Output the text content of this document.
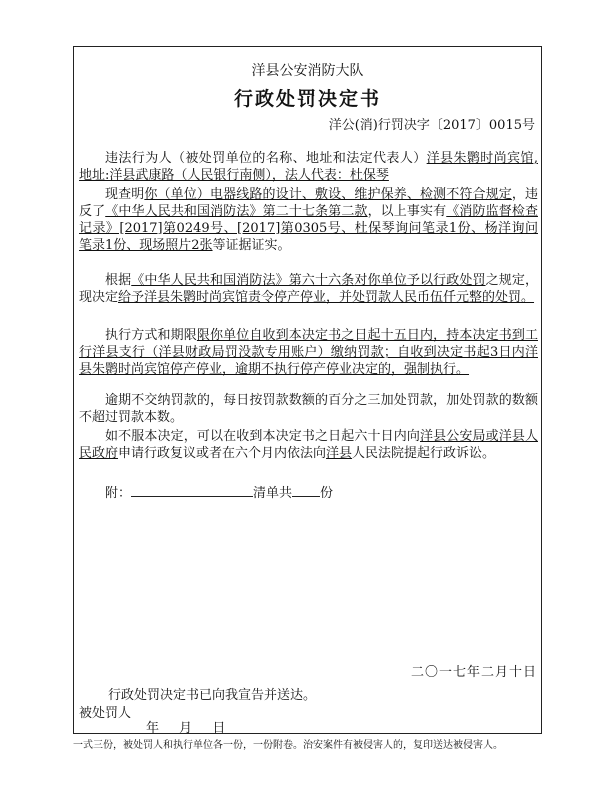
洋县公安消防大队
行政处罚决定书
洋公(消)行罚决字〔2017〕0015号
违法行为人（被处罚单位的名称、地址和法定代表人）洋县朱鹮时尚宾馆,地址:洋县武康路（人民银行南侧），法人代表：杜保琴
现查明你（单位）电器线路的设计、敷设、维护保养、检测不符合规定，违反了《中华人民共和国消防法》第二十七条第二款，以上事实有《消防监督检查记录》[2017]第0249号、[2017]第0305号、杜保琴询问笔录1份、杨洋询问笔录1份、现场照片2张等证据证实。
根据《中华人民共和国消防法》第六十六条对你单位予以行政处罚之规定，现决定给予洋县朱鹮时尚宾馆责令停产停业，并处罚款人民币伍仟元整的处罚。
执行方式和期限限你单位自收到本决定书之日起十五日内，持本决定书到工行洋县支行（洋县财政局罚没款专用账户）缴纳罚款；自收到决定书起3日内洋县朱鹮时尚宾馆停产停业，逾期不执行停产停业决定的，强制执行。
逾期不交纳罚款的，每日按罚款数额的百分之三加处罚款，加处罚款的数额不超过罚款本数。
如不服本决定，可以在收到本决定书之日起六十日内向洋县公安局或洋县人民政府申请行政复议或者在六个月内依法向洋县人民法院提起行政诉讼。
附：	清单共 份
二〇一七年二月十日
行政处罚决定书已向我宣告并送达。
被处罚人
年 月 日
一式三份，被处罚人和执行单位各一份，一份附卷。治安案件有被侵害人的，复印送达被侵害人。
